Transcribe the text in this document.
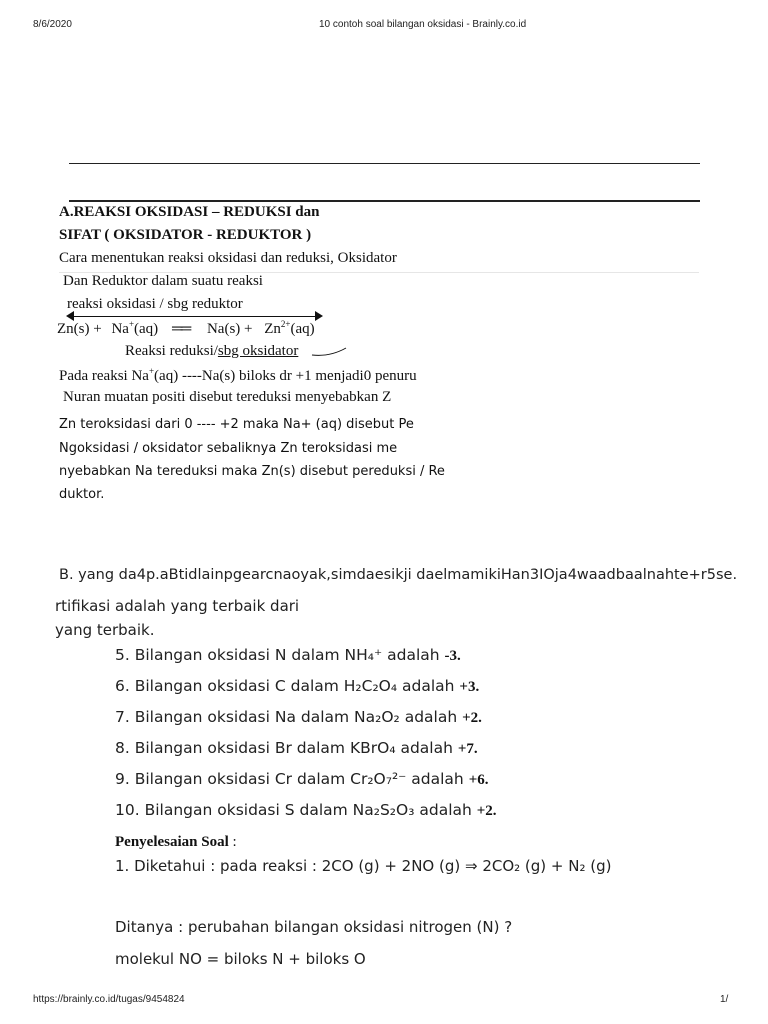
8/6/2020	10 contoh soal bilangan oksidasi - Brainly.co.id
A.REAKSI OKSIDASI – REDUKSI dan
SIFAT ( OKSIDATOR - REDUKTOR )
Cara menentukan reaksi oksidasi dan reduksi, Oksidator
Dan Reduktor dalam suatu reaksi
reaksi oksidasi / sbg reduktor
Zn(s) + Na+(aq) ══ $Na(s) + Zn^{2+}(aq)$
Reaksi reduksi/sbg oksidator
Pada reaksi Na+(aq) ----Na(s) biloks dr +1 menjadi0 penuru
Nuran muatan positi disebut tereduksi menyebabkan Z
Zn teroksidasi dari 0 ---- +2 maka Na+ (aq) disebut Pe
Ngoksidasi / oksidator sebaliknya Zn teroksidasi me
nyebabkan Na tereduksi maka Zn(s) disebut pereduksi / Re
duktor.
B. yang da4p.aBtidlainpgearcnaoyak,simdaesikji daelmamikiHan3IOja4waadbaalnahte+r5se.
rtifikasi adalah yang terbaik dari
yang terbaik.
5. Bilangan oksidasi N dalam NH₄⁺ adalah -3.
6. Bilangan oksidasi C dalam H₂C₂O₄ adalah +3.
7. Bilangan oksidasi Na dalam Na₂O₂ adalah +2.
8. Bilangan oksidasi Br dalam KBrO₄ adalah +7.
9. Bilangan oksidasi Cr dalam Cr₂O₇²⁻ adalah +6.
10. Bilangan oksidasi S dalam Na₂S₂O₃ adalah +2.
Penyelesaian Soal :
1. Diketahui : pada reaksi : 2CO (g) + 2NO (g) ⇒ 2CO₂ (g) + N₂ (g)
Ditanya : perubahan bilangan oksidasi nitrogen (N) ?
molekul NO = biloks N + biloks O
https://brainly.co.id/tugas/9454824	1/
